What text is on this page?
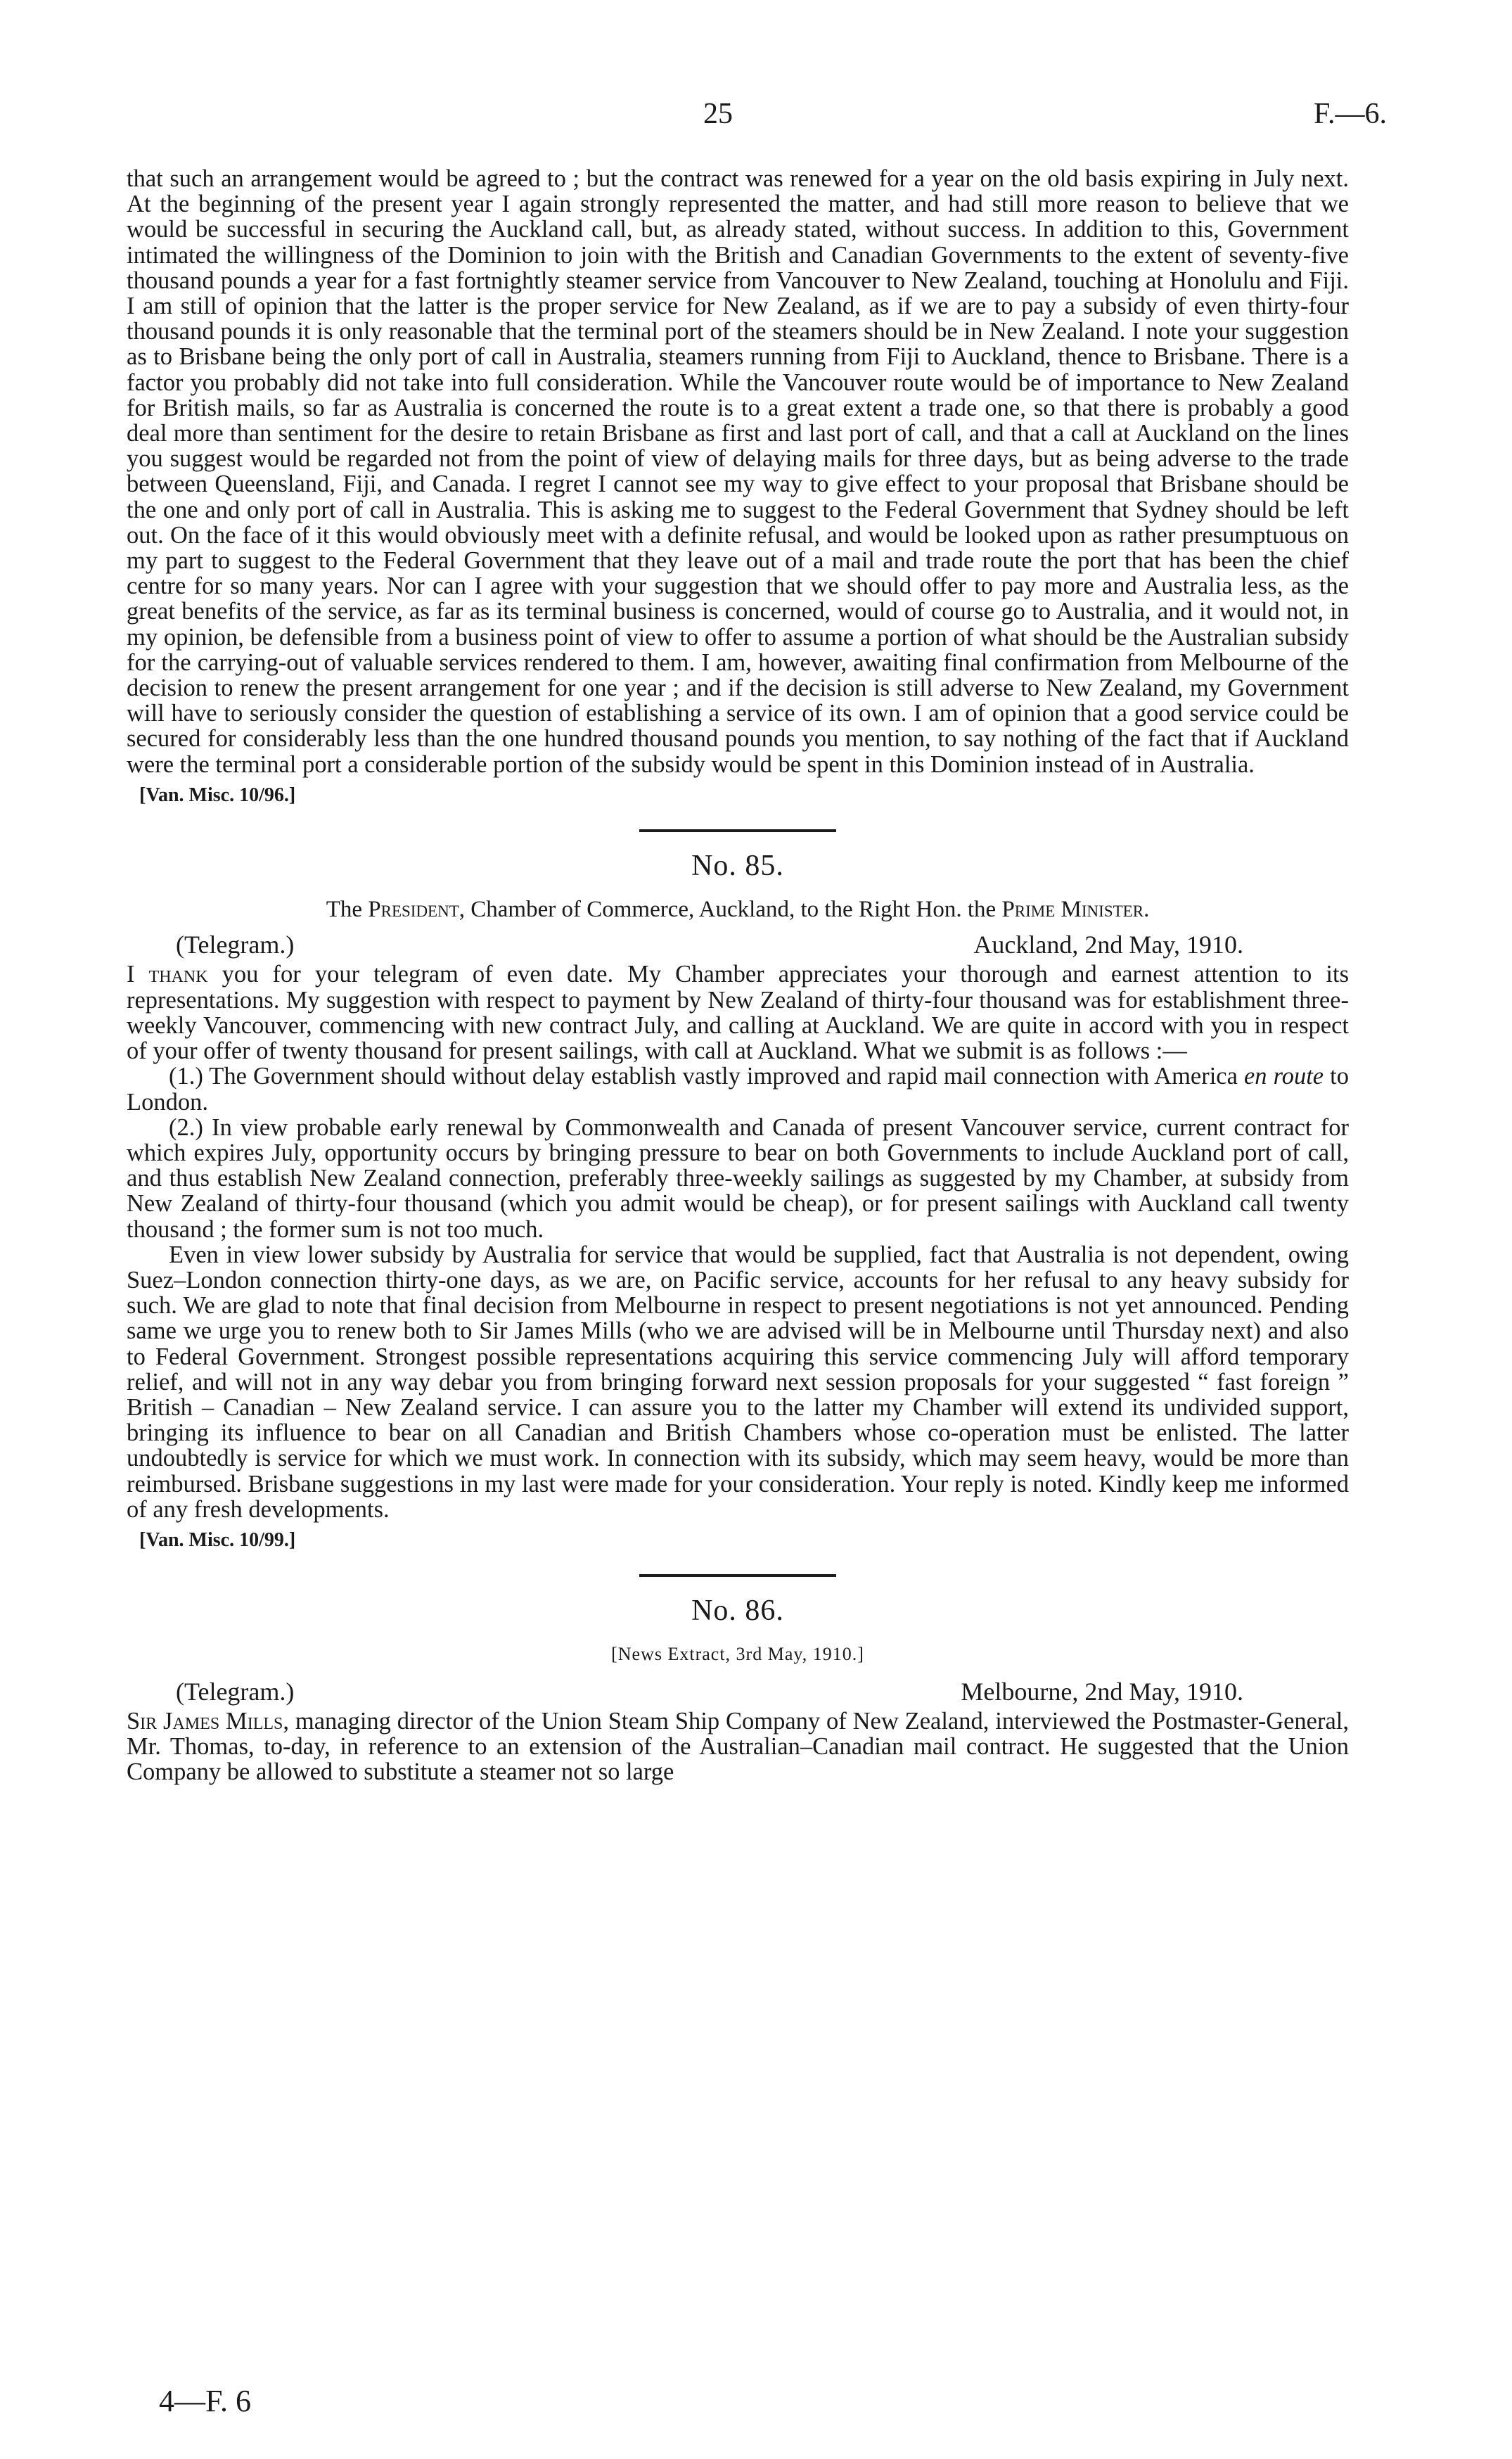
25	F.—6.

that such an arrangement would be agreed to ; but the contract was renewed for a year on the old basis expiring in July next. At the beginning of the present year I again strongly represented the matter, and had still more reason to believe that we would be successful in securing the Auckland call, but, as already stated, without success. In addition to this, Government intimated the willingness of the Dominion to join with the British and Canadian Governments to the extent of seventy-five thousand pounds a year for a fast fortnightly steamer service from Vancouver to New Zealand, touching at Honolulu and Fiji. I am still of opinion that the latter is the proper service for New Zealand, as if we are to pay a subsidy of even thirty-four thousand pounds it is only reasonable that the terminal port of the steamers should be in New Zealand. I note your suggestion as to Brisbane being the only port of call in Australia, steamers running from Fiji to Auckland, thence to Brisbane. There is a factor you probably did not take into full consideration. While the Vancouver route would be of importance to New Zealand for British mails, so far as Australia is concerned the route is to a great extent a trade one, so that there is probably a good deal more than sentiment for the desire to retain Brisbane as first and last port of call, and that a call at Auckland on the lines you suggest would be regarded not from the point of view of delaying mails for three days, but as being adverse to the trade between Queensland, Fiji, and Canada. I regret I cannot see my way to give effect to your proposal that Brisbane should be the one and only port of call in Australia. This is asking me to suggest to the Federal Government that Sydney should be left out. On the face of it this would obviously meet with a definite refusal, and would be looked upon as rather presumptuous on my part to suggest to the Federal Government that they leave out of a mail and trade route the port that has been the chief centre for so many years. Nor can I agree with your suggestion that we should offer to pay more and Australia less, as the great benefits of the service, as far as its terminal business is concerned, would of course go to Australia, and it would not, in my opinion, be defensible from a business point of view to offer to assume a portion of what should be the Australian subsidy for the carrying-out of valuable services rendered to them. I am, however, awaiting final confirmation from Melbourne of the decision to renew the present arrangement for one year ; and if the decision is still adverse to New Zealand, my Government will have to seriously consider the question of establishing a service of its own. I am of opinion that a good service could be secured for considerably less than the one hundred thousand pounds you mention, to say nothing of the fact that if Auckland were the terminal port a considerable portion of the subsidy would be spent in this Dominion instead of in Australia.

[Van. Misc. 10/96.]

No. 85.

The President, Chamber of Commerce, Auckland, to the Right Hon. the Prime Minister.

(Telegram.)	Auckland, 2nd May, 1910.

I thank you for your telegram of even date. My Chamber appreciates your thorough and earnest attention to its representations. My suggestion with respect to payment by New Zealand of thirty-four thousand was for establishment three-weekly Vancouver, commencing with new contract July, and calling at Auckland. We are quite in accord with you in respect of your offer of twenty thousand for present sailings, with call at Auckland. What we submit is as follows :—

(1.) The Government should without delay establish vastly improved and rapid mail connection with America en route to London.

(2.) In view probable early renewal by Commonwealth and Canada of present Vancouver service, current contract for which expires July, opportunity occurs by bringing pressure to bear on both Governments to include Auckland port of call, and thus establish New Zealand connection, preferably three-weekly sailings as suggested by my Chamber, at subsidy from New Zealand of thirty-four thousand (which you admit would be cheap), or for present sailings with Auckland call twenty thousand ; the former sum is not too much.

Even in view lower subsidy by Australia for service that would be supplied, fact that Australia is not dependent, owing Suez–London connection thirty-one days, as we are, on Pacific service, accounts for her refusal to any heavy subsidy for such. We are glad to note that final decision from Melbourne in respect to present negotiations is not yet announced. Pending same we urge you to renew both to Sir James Mills (who we are advised will be in Melbourne until Thursday next) and also to Federal Government. Strongest possible representations acquiring this service commencing July will afford temporary relief, and will not in any way debar you from bringing forward next session proposals for your suggested “ fast foreign ” British – Canadian – New Zealand service. I can assure you to the latter my Chamber will extend its undivided support, bringing its influence to bear on all Canadian and British Chambers whose co-operation must be enlisted. The latter undoubtedly is service for which we must work. In connection with its subsidy, which may seem heavy, would be more than reimbursed. Brisbane suggestions in my last were made for your consideration. Your reply is noted. Kindly keep me informed of any fresh developments.

[Van. Misc. 10/99.]

No. 86.

[News Extract, 3rd May, 1910.]

(Telegram.)	Melbourne, 2nd May, 1910.

Sir James Mills, managing director of the Union Steam Ship Company of New Zealand, interviewed the Postmaster-General, Mr. Thomas, to-day, in reference to an extension of the Australian–Canadian mail contract. He suggested that the Union Company be allowed to substitute a steamer not so large

4—F. 6
